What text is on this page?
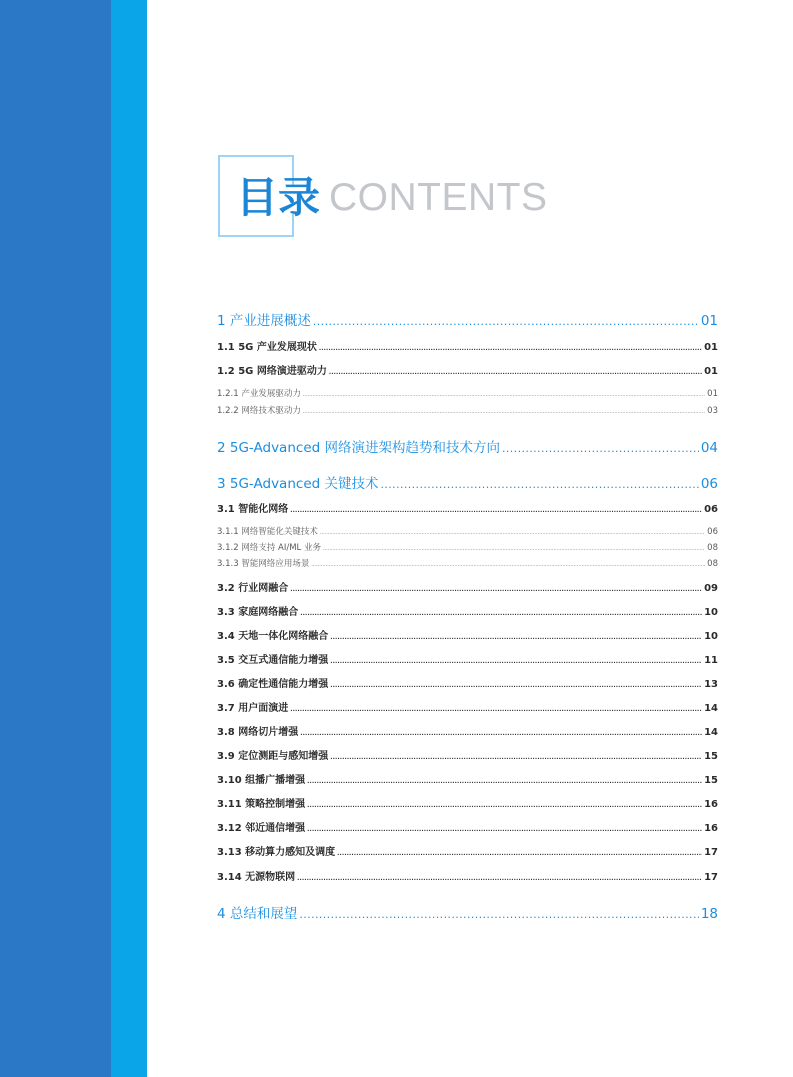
目录 CONTENTS
1 产业进展概述 .....	01
1.1 5G 产业发展现状 .....	01
1.2 5G 网络演进驱动力 .....	01
1.2.1 产业发展驱动力 .....	01
1.2.2 网络技术驱动力 .....	03
2 5G-Advanced 网络演进架构趋势和技术方向 .....	04
3 5G-Advanced 关键技术 .....	06
3.1 智能化网络 .....	06
3.1.1 网络智能化关键技术 .....	06
3.1.2 网络支持 AI/ML 业务 .....	08
3.1.3 智能网络应用场景 .....	08
3.2 行业网融合 .....	09
3.3 家庭网络融合 .....	10
3.4 天地一体化网络融合 .....	10
3.5 交互式通信能力增强 .....	11
3.6 确定性通信能力增强 .....	13
3.7 用户面演进 .....	14
3.8 网络切片增强 .....	14
3.9 定位测距与感知增强 .....	15
3.10 组播广播增强 .....	15
3.11 策略控制增强 .....	16
3.12 邻近通信增强 .....	16
3.13 移动算力感知及调度 .....	17
3.14 无源物联网 .....	17
4 总结和展望 .....	18
